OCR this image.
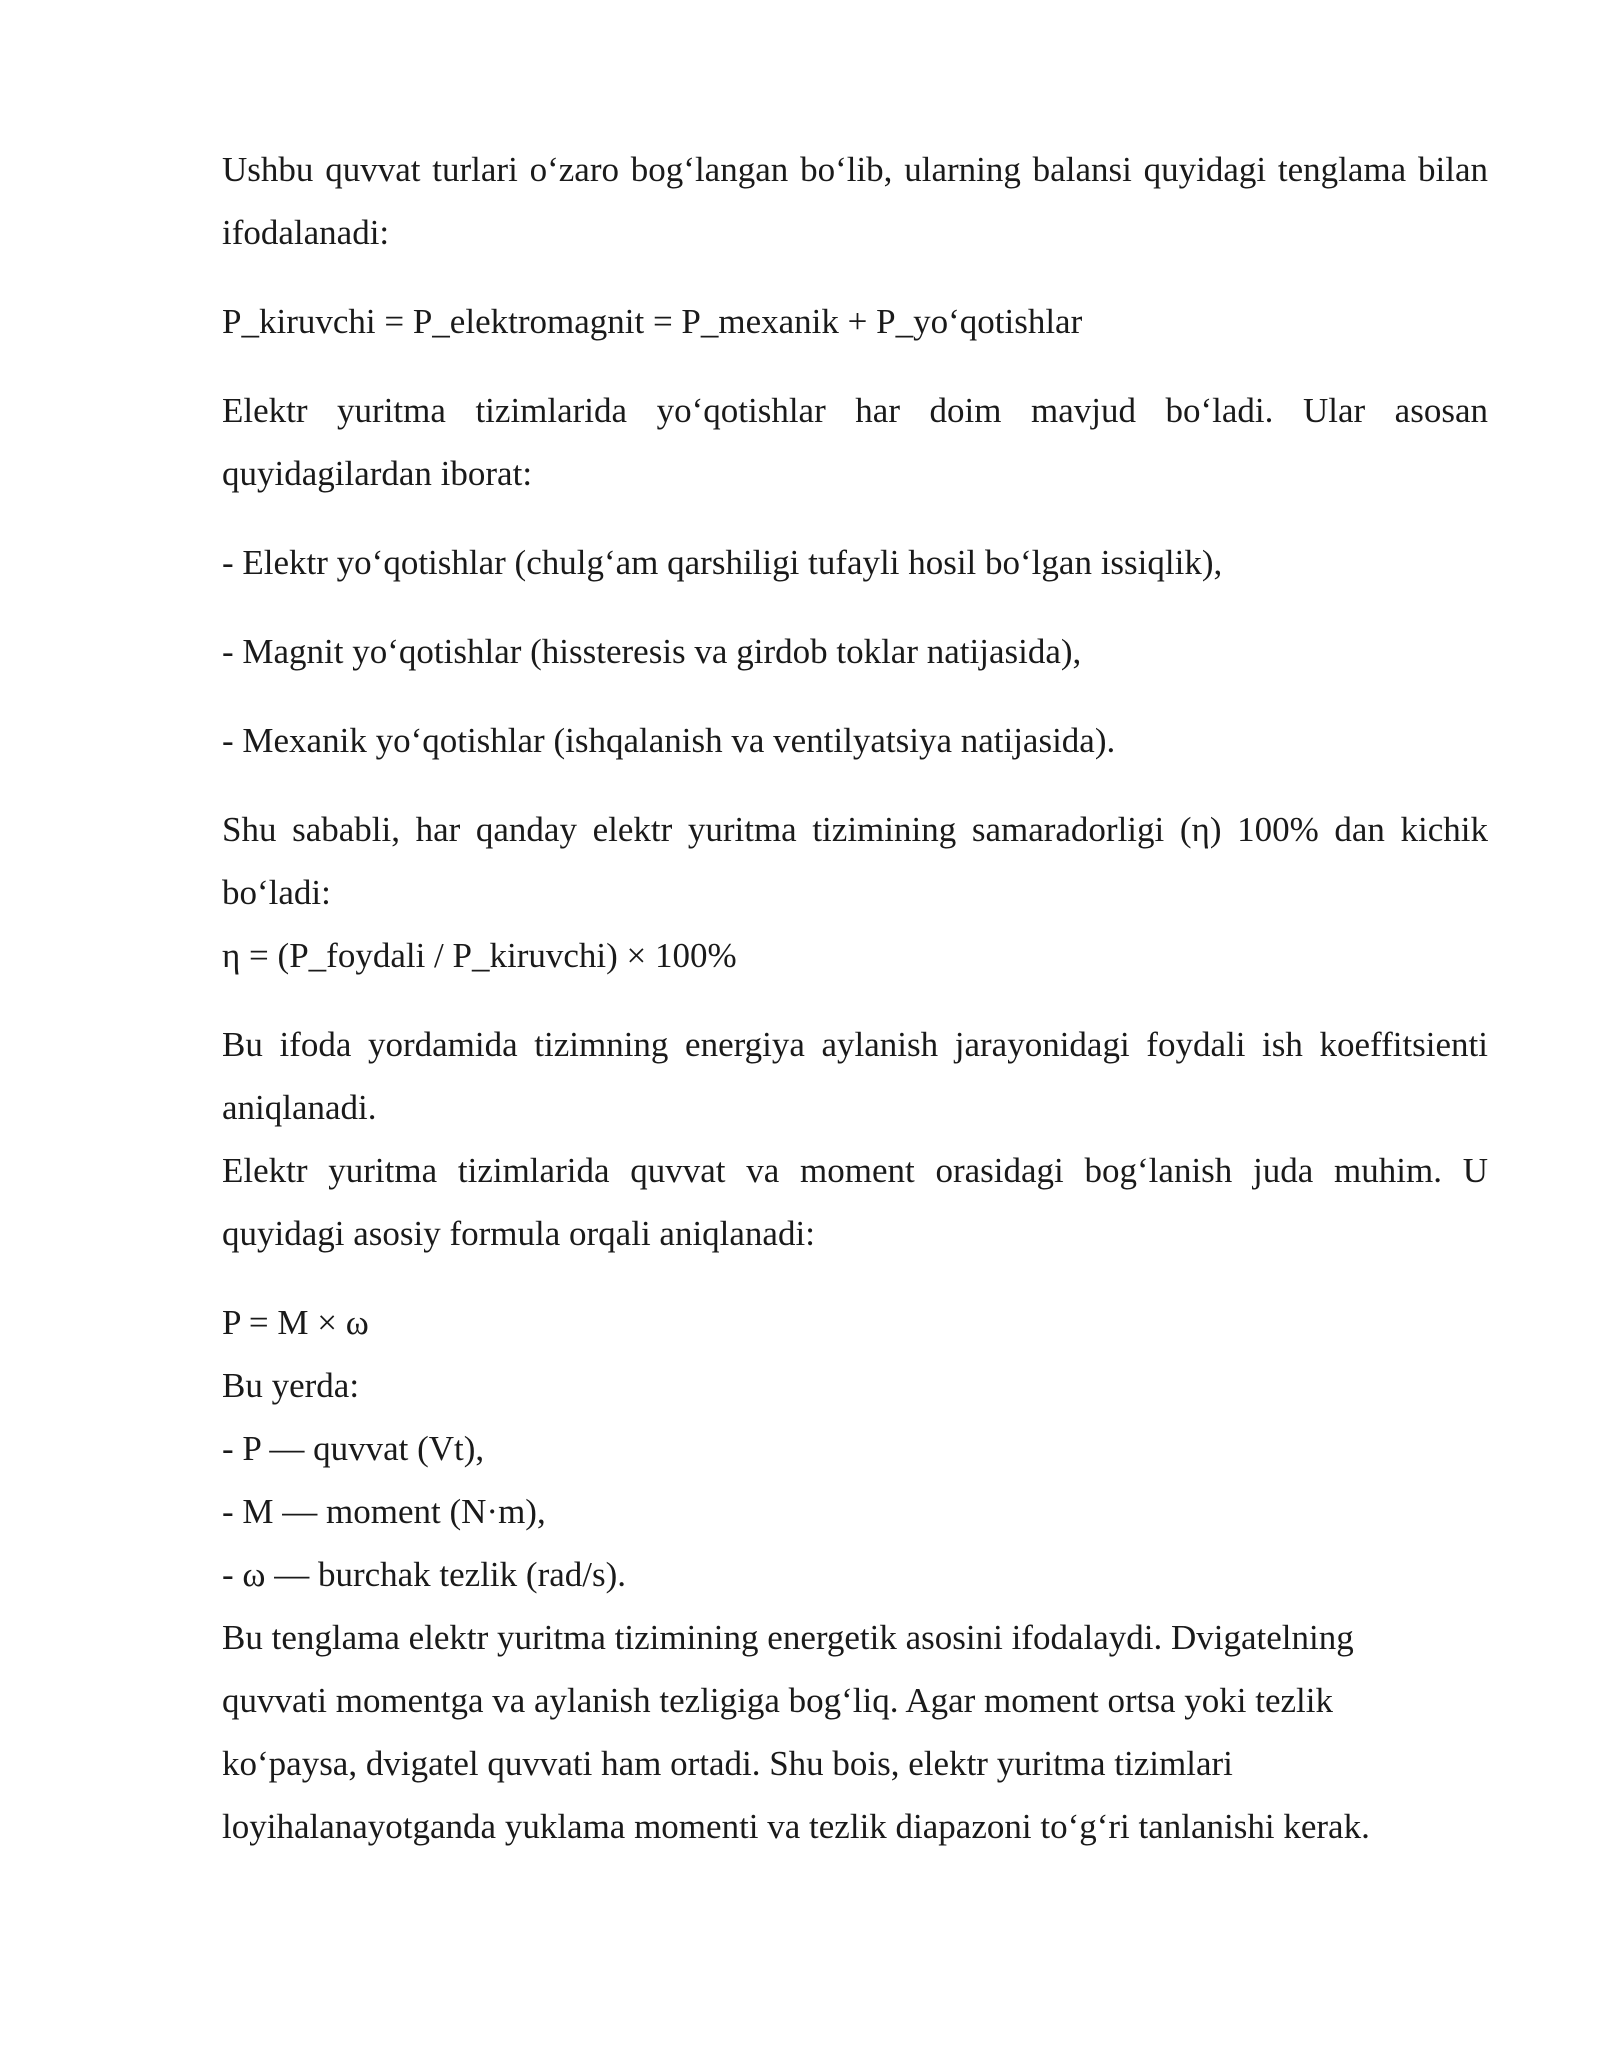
Ushbu quvvat turlari o‘zaro bog‘langan bo‘lib, ularning balansi quyidagi tenglama bilan ifodalanadi:

P_kiruvchi = P_elektromagnit = P_mexanik + P_yo‘qotishlar

Elektr yuritma tizimlarida yo‘qotishlar har doim mavjud bo‘ladi. Ular asosan quyidagilardan iborat:

- Elektr yo‘qotishlar (chulg‘am qarshiligi tufayli hosil bo‘lgan issiqlik),

- Magnit yo‘qotishlar (hissteresis va girdob toklar natijasida),

- Mexanik yo‘qotishlar (ishqalanish va ventilyatsiya natijasida).

Shu sababli, har qanday elektr yuritma tizimining samaradorligi (η) 100% dan kichik bo‘ladi:

η = (P_foydali / P_kiruvchi) × 100%

Bu ifoda yordamida tizimning energiya aylanish jarayonidagi foydali ish koeffitsienti aniqlanadi.

Elektr yuritma tizimlarida quvvat va moment orasidagi bog‘lanish juda muhim. U quyidagi asosiy formula orqali aniqlanadi:

P = M × ω

Bu yerda:

- P — quvvat (Vt),

- M — moment (N·m),

- ω — burchak tezlik (rad/s).

Bu tenglama elektr yuritma tizimining energetik asosini ifodalaydi. Dvigatelning

quvvati momentga va aylanish tezligiga bog‘liq. Agar moment ortsa yoki tezlik

ko‘paysa, dvigatel quvvati ham ortadi. Shu bois, elektr yuritma tizimlari

loyihalanayotganda yuklama momenti va tezlik diapazoni to‘g‘ri tanlanishi kerak.
